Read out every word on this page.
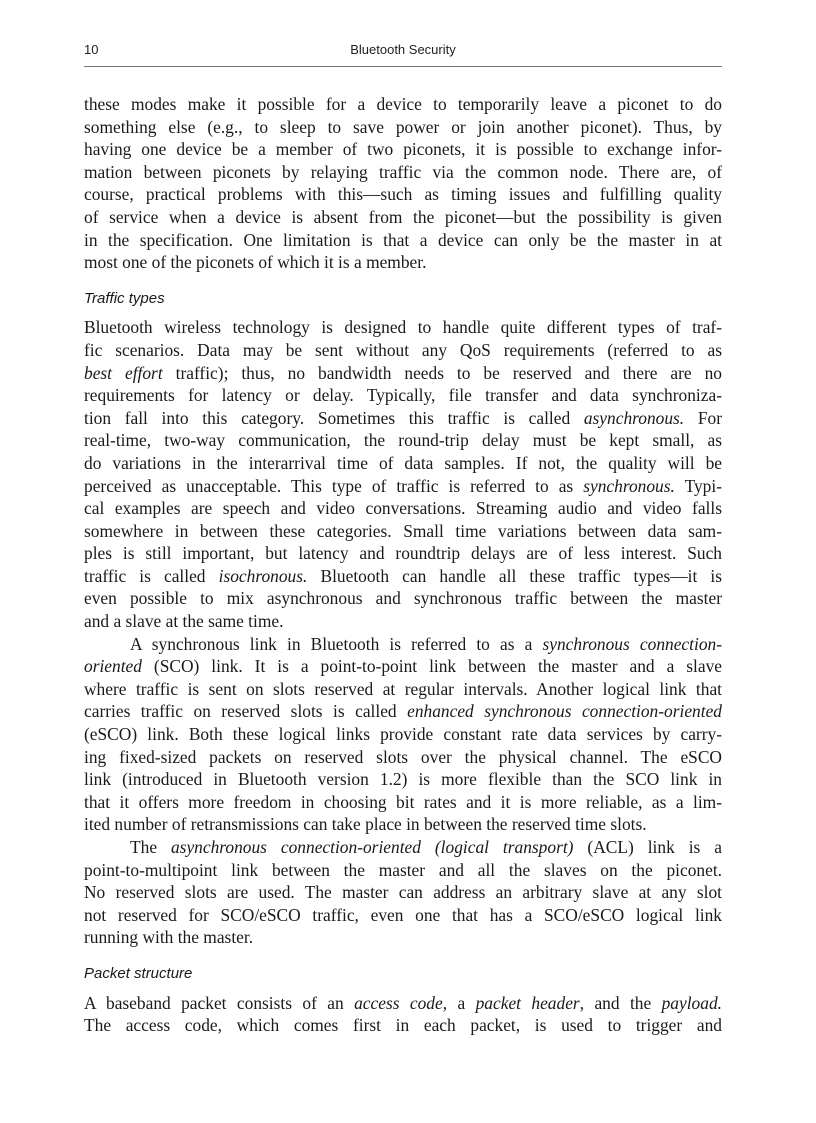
10	Bluetooth Security
these modes make it possible for a device to temporarily leave a piconet to do
something else (e.g., to sleep to save power or join another piconet). Thus, by
having one device be a member of two piconets, it is possible to exchange infor-
mation between piconets by relaying traffic via the common node. There are, of
course, practical problems with this—such as timing issues and fulfilling quality
of service when a device is absent from the piconet—but the possibility is given
in the specification. One limitation is that a device can only be the master in at
most one of the piconets of which it is a member.
Traffic types
Bluetooth wireless technology is designed to handle quite different types of traf-
fic scenarios. Data may be sent without any QoS requirements (referred to as
best effort traffic); thus, no bandwidth needs to be reserved and there are no
requirements for latency or delay. Typically, file transfer and data synchroniza-
tion fall into this category. Sometimes this traffic is called asynchronous. For
real-time, two-way communication, the round-trip delay must be kept small, as
do variations in the interarrival time of data samples. If not, the quality will be
perceived as unacceptable. This type of traffic is referred to as synchronous. Typi-
cal examples are speech and video conversations. Streaming audio and video falls
somewhere in between these categories. Small time variations between data sam-
ples is still important, but latency and roundtrip delays are of less interest. Such
traffic is called isochronous. Bluetooth can handle all these traffic types—it is
even possible to mix asynchronous and synchronous traffic between the master
and a slave at the same time.
A synchronous link in Bluetooth is referred to as a synchronous connection-
oriented (SCO) link. It is a point-to-point link between the master and a slave
where traffic is sent on slots reserved at regular intervals. Another logical link that
carries traffic on reserved slots is called enhanced synchronous connection-oriented
(eSCO) link. Both these logical links provide constant rate data services by carry-
ing fixed-sized packets on reserved slots over the physical channel. The eSCO
link (introduced in Bluetooth version 1.2) is more flexible than the SCO link in
that it offers more freedom in choosing bit rates and it is more reliable, as a lim-
ited number of retransmissions can take place in between the reserved time slots.
The asynchronous connection-oriented (logical transport) (ACL) link is a
point-to-multipoint link between the master and all the slaves on the piconet.
No reserved slots are used. The master can address an arbitrary slave at any slot
not reserved for SCO/eSCO traffic, even one that has a SCO/eSCO logical link
running with the master.
Packet structure
A baseband packet consists of an access code, a packet header, and the payload.
The access code, which comes first in each packet, is used to trigger and
